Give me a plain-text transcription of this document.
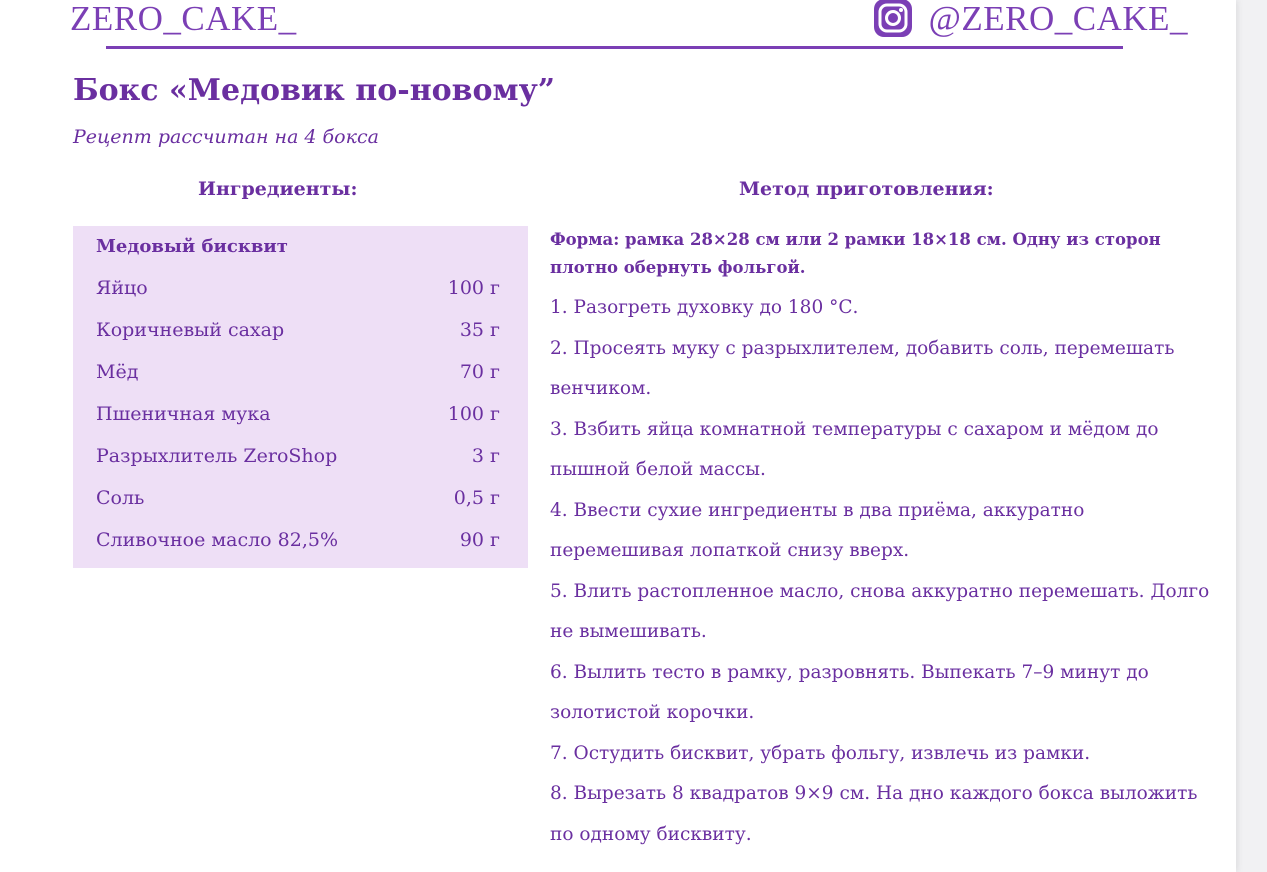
ZERO_CAKE_	@ZERO_CAKE_
Бокс «Медовик по-новому”
Рецепт рассчитан на 4 бокса
Ингредиенты:	Метод приготовления:
Медовый бисквит
Яйцо	100 г
Коричневый сахар	35 г
Мёд	70 г
Пшеничная мука	100 г
Разрыхлитель ZeroShop	3 г
Соль	0,5 г
Сливочное масло 82,5%	90 г

Форма: рамка 28×28 см или 2 рамки 18×18 см. Одну из сторон плотно обернуть фольгой.

1. Разогреть духовку до 180 °С.
2. Просеять муку с разрыхлителем, добавить соль, перемешать венчиком.
3. Взбить яйца комнатной температуры с сахаром и мёдом до пышной белой массы.
4. Ввести сухие ингредиенты в два приёма, аккуратно перемешивая лопаткой снизу вверх.
5. Влить растопленное масло, снова аккуратно перемешать. Долго не вымешивать.
6. Вылить тесто в рамку, разровнять. Выпекать 7–9 минут до золотистой корочки.
7. Остудить бисквит, убрать фольгу, извлечь из рамки.
8. Вырезать 8 квадратов 9×9 см. На дно каждого бокса выложить по одному бисквиту.
